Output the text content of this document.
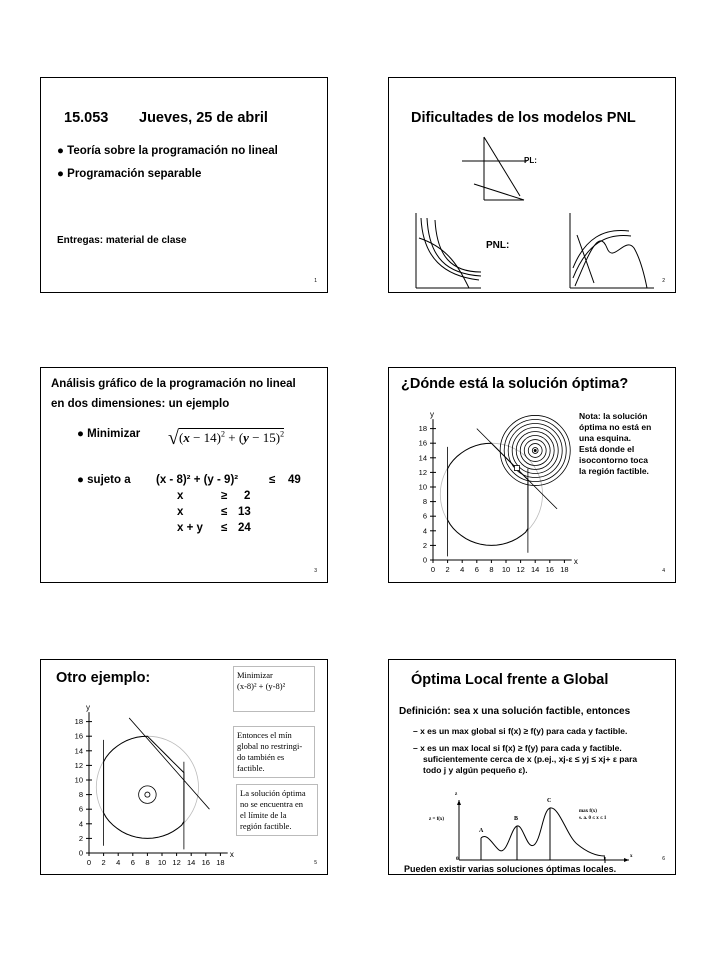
15.053 Jueves, 25 de abril
● Teoría sobre la programación no lineal
● Programación separable
Entregas: material de clase
1
Dificultades de los modelos PNL
PL:
PNL:
2
Análisis gráfico de la programación no lineal
en dos dimensiones: un ejemplo
● Minimizar $√(x - 14)^2 + (y - 15)^2$
● sujeto a (x - 8)² + (y - 9)²	≤ 49
x	≥ 2
x	≤ 13
x + y ≤ 24
3
¿Dónde está la solución óptima?
0 2 4 6 8 10 12 14 16 18
0
2
4
6
8
10
12
14
16
18
x
y	Nota: la solución
óptima no está en
una esquina.
Está donde el
isocontorno toca
la región factible.
4
Otro ejemplo:
0 2 4 6 8 10 12 14 16 18
0
2
4
6
8
10
12
14
16
18
x
y
Minimizar
(x-8)² + (y-8)²
Entonces el mín
global no restringi-
do también es
factible.
La solución óptima
no se encuentra en
el límite de la
región factible.
5
Óptima Local frente a Global
Definición: sea x una solución factible, entonces
– x es un max global si f(x) ≥ f(y) para cada y factible.
– x es un max local si f(x) ≥ f(y) para cada y factible.
suficientemente cerca de x (p.ej., xj-ε ≤ yj ≤ xj+ ε para
todo j y algún pequeño ε).
z
z = f(x)
max f(x)
s. a. 0 ≤ x ≤ 1
A
B
C
0	1
x
Pueden existir varias soluciones óptimas locales.
6
